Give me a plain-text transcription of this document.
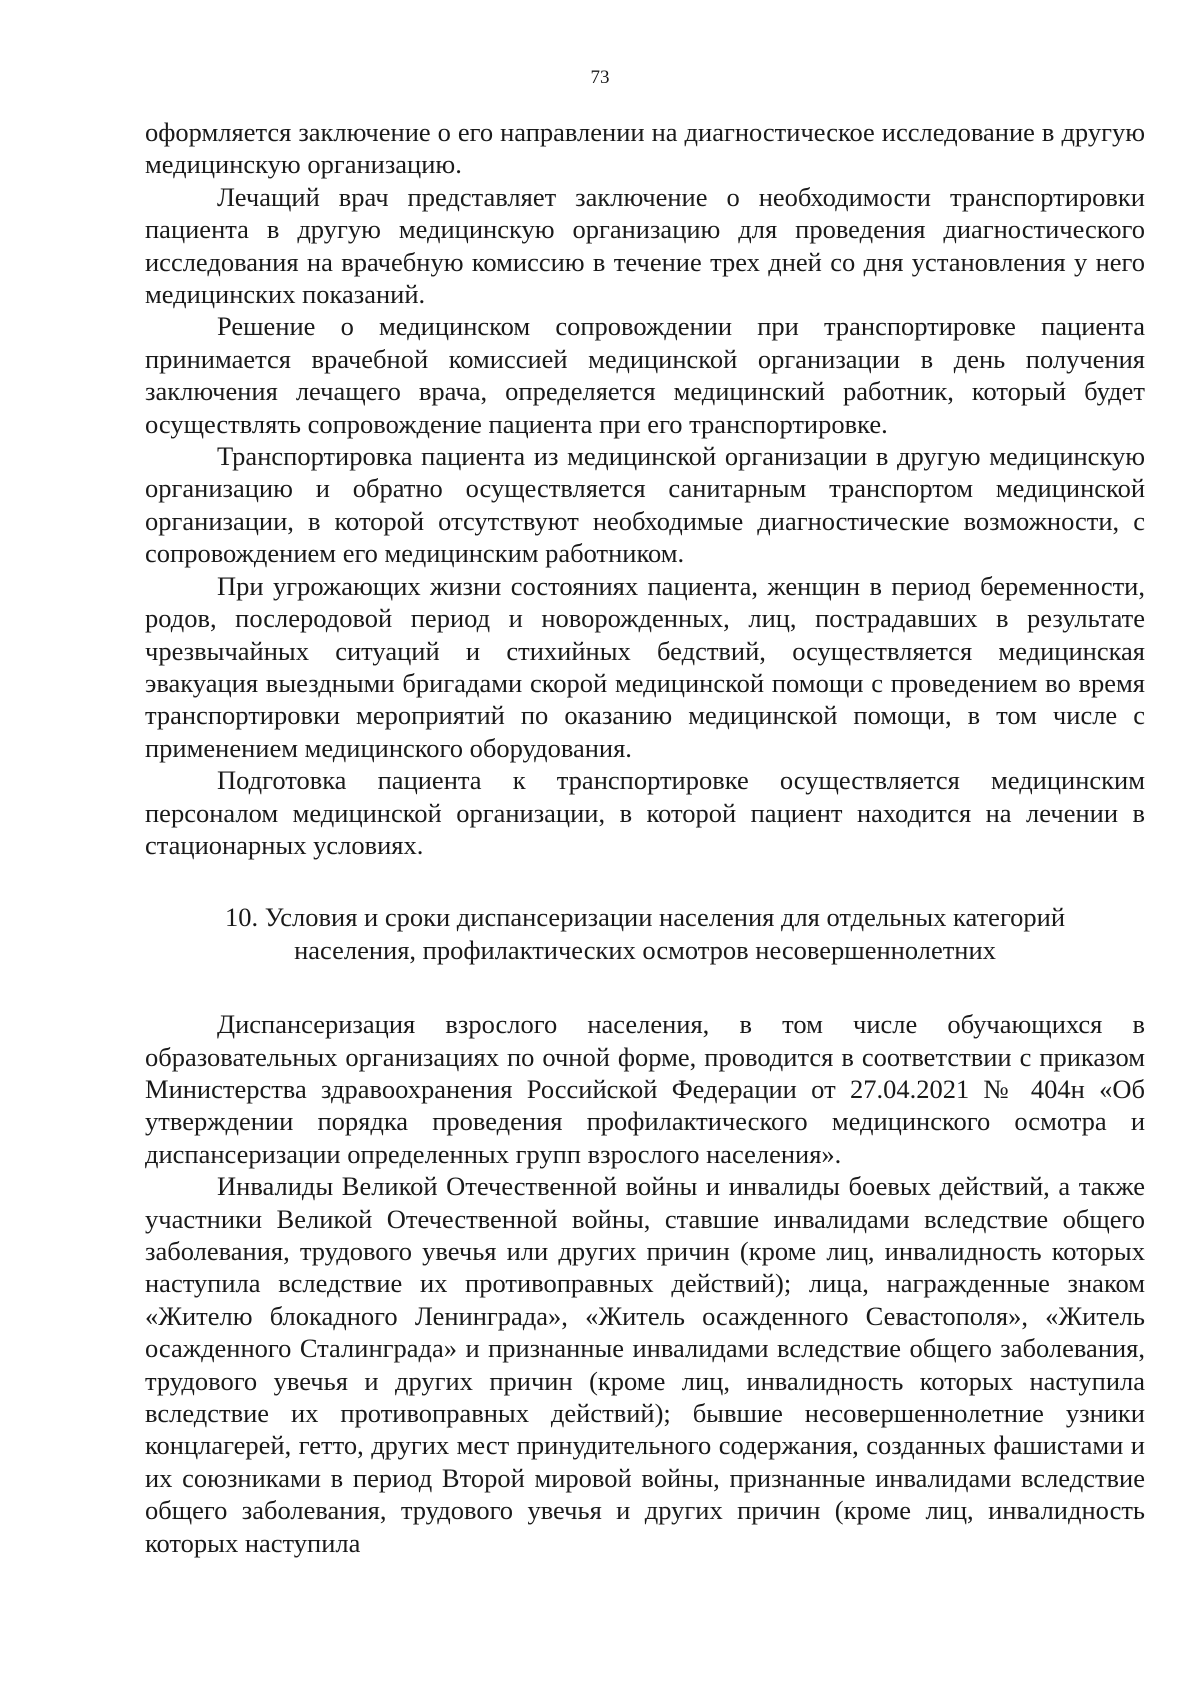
73

оформляется заключение о его направлении на диагностическое исследование в другую медицинскую организацию.

Лечащий врач представляет заключение о необходимости транспортировки пациента в другую медицинскую организацию для проведения диагностического исследования на врачебную комиссию в течение трех дней со дня установления у него медицинских показаний.

Решение о медицинском сопровождении при транспортировке пациента принимается врачебной комиссией медицинской организации в день получения заключения лечащего врача, определяется медицинский работник, который будет осуществлять сопровождение пациента при его транспортировке.

Транспортировка пациента из медицинской организации в другую медицинскую организацию и обратно осуществляется санитарным транспортом медицинской организации, в которой отсутствуют необходимые диагностические возможности, с сопровождением его медицинским работником.

При угрожающих жизни состояниях пациента, женщин в период беременности, родов, послеродовой период и новорожденных, лиц, пострадавших в результате чрезвычайных ситуаций и стихийных бедствий, осуществляется медицинская эвакуация выездными бригадами скорой медицинской помощи с проведением во время транспортировки мероприятий по оказанию медицинской помощи, в том числе с применением медицинского оборудования.

Подготовка пациента к транспортировке осуществляется медицинским персоналом медицинской организации, в которой пациент находится на лечении в стационарных условиях.

10. Условия и сроки диспансеризации населения для отдельных категорий населения, профилактических осмотров несовершеннолетних

Диспансеризация взрослого населения, в том числе обучающихся в образовательных организациях по очной форме, проводится в соответствии с приказом Министерства здравоохранения Российской Федерации от 27.04.2021 № 404н «Об утверждении порядка проведения профилактического медицинского осмотра и диспансеризации определенных групп взрослого населения».

Инвалиды Великой Отечественной войны и инвалиды боевых действий, а также участники Великой Отечественной войны, ставшие инвалидами вследствие общего заболевания, трудового увечья или других причин (кроме лиц, инвалидность которых наступила вследствие их противоправных действий); лица, награжденные знаком «Жителю блокадного Ленинграда», «Житель осажденного Севастополя», «Житель осажденного Сталинграда» и признанные инвалидами вследствие общего заболевания, трудового увечья и других причин (кроме лиц, инвалидность которых наступила вследствие их противоправных действий); бывшие несовершеннолетние узники концлагерей, гетто, других мест принудительного содержания, созданных фашистами и их союзниками в период Второй мировой войны, признанные инвалидами вследствие общего заболевания, трудового увечья и других причин (кроме лиц, инвалидность которых наступила
